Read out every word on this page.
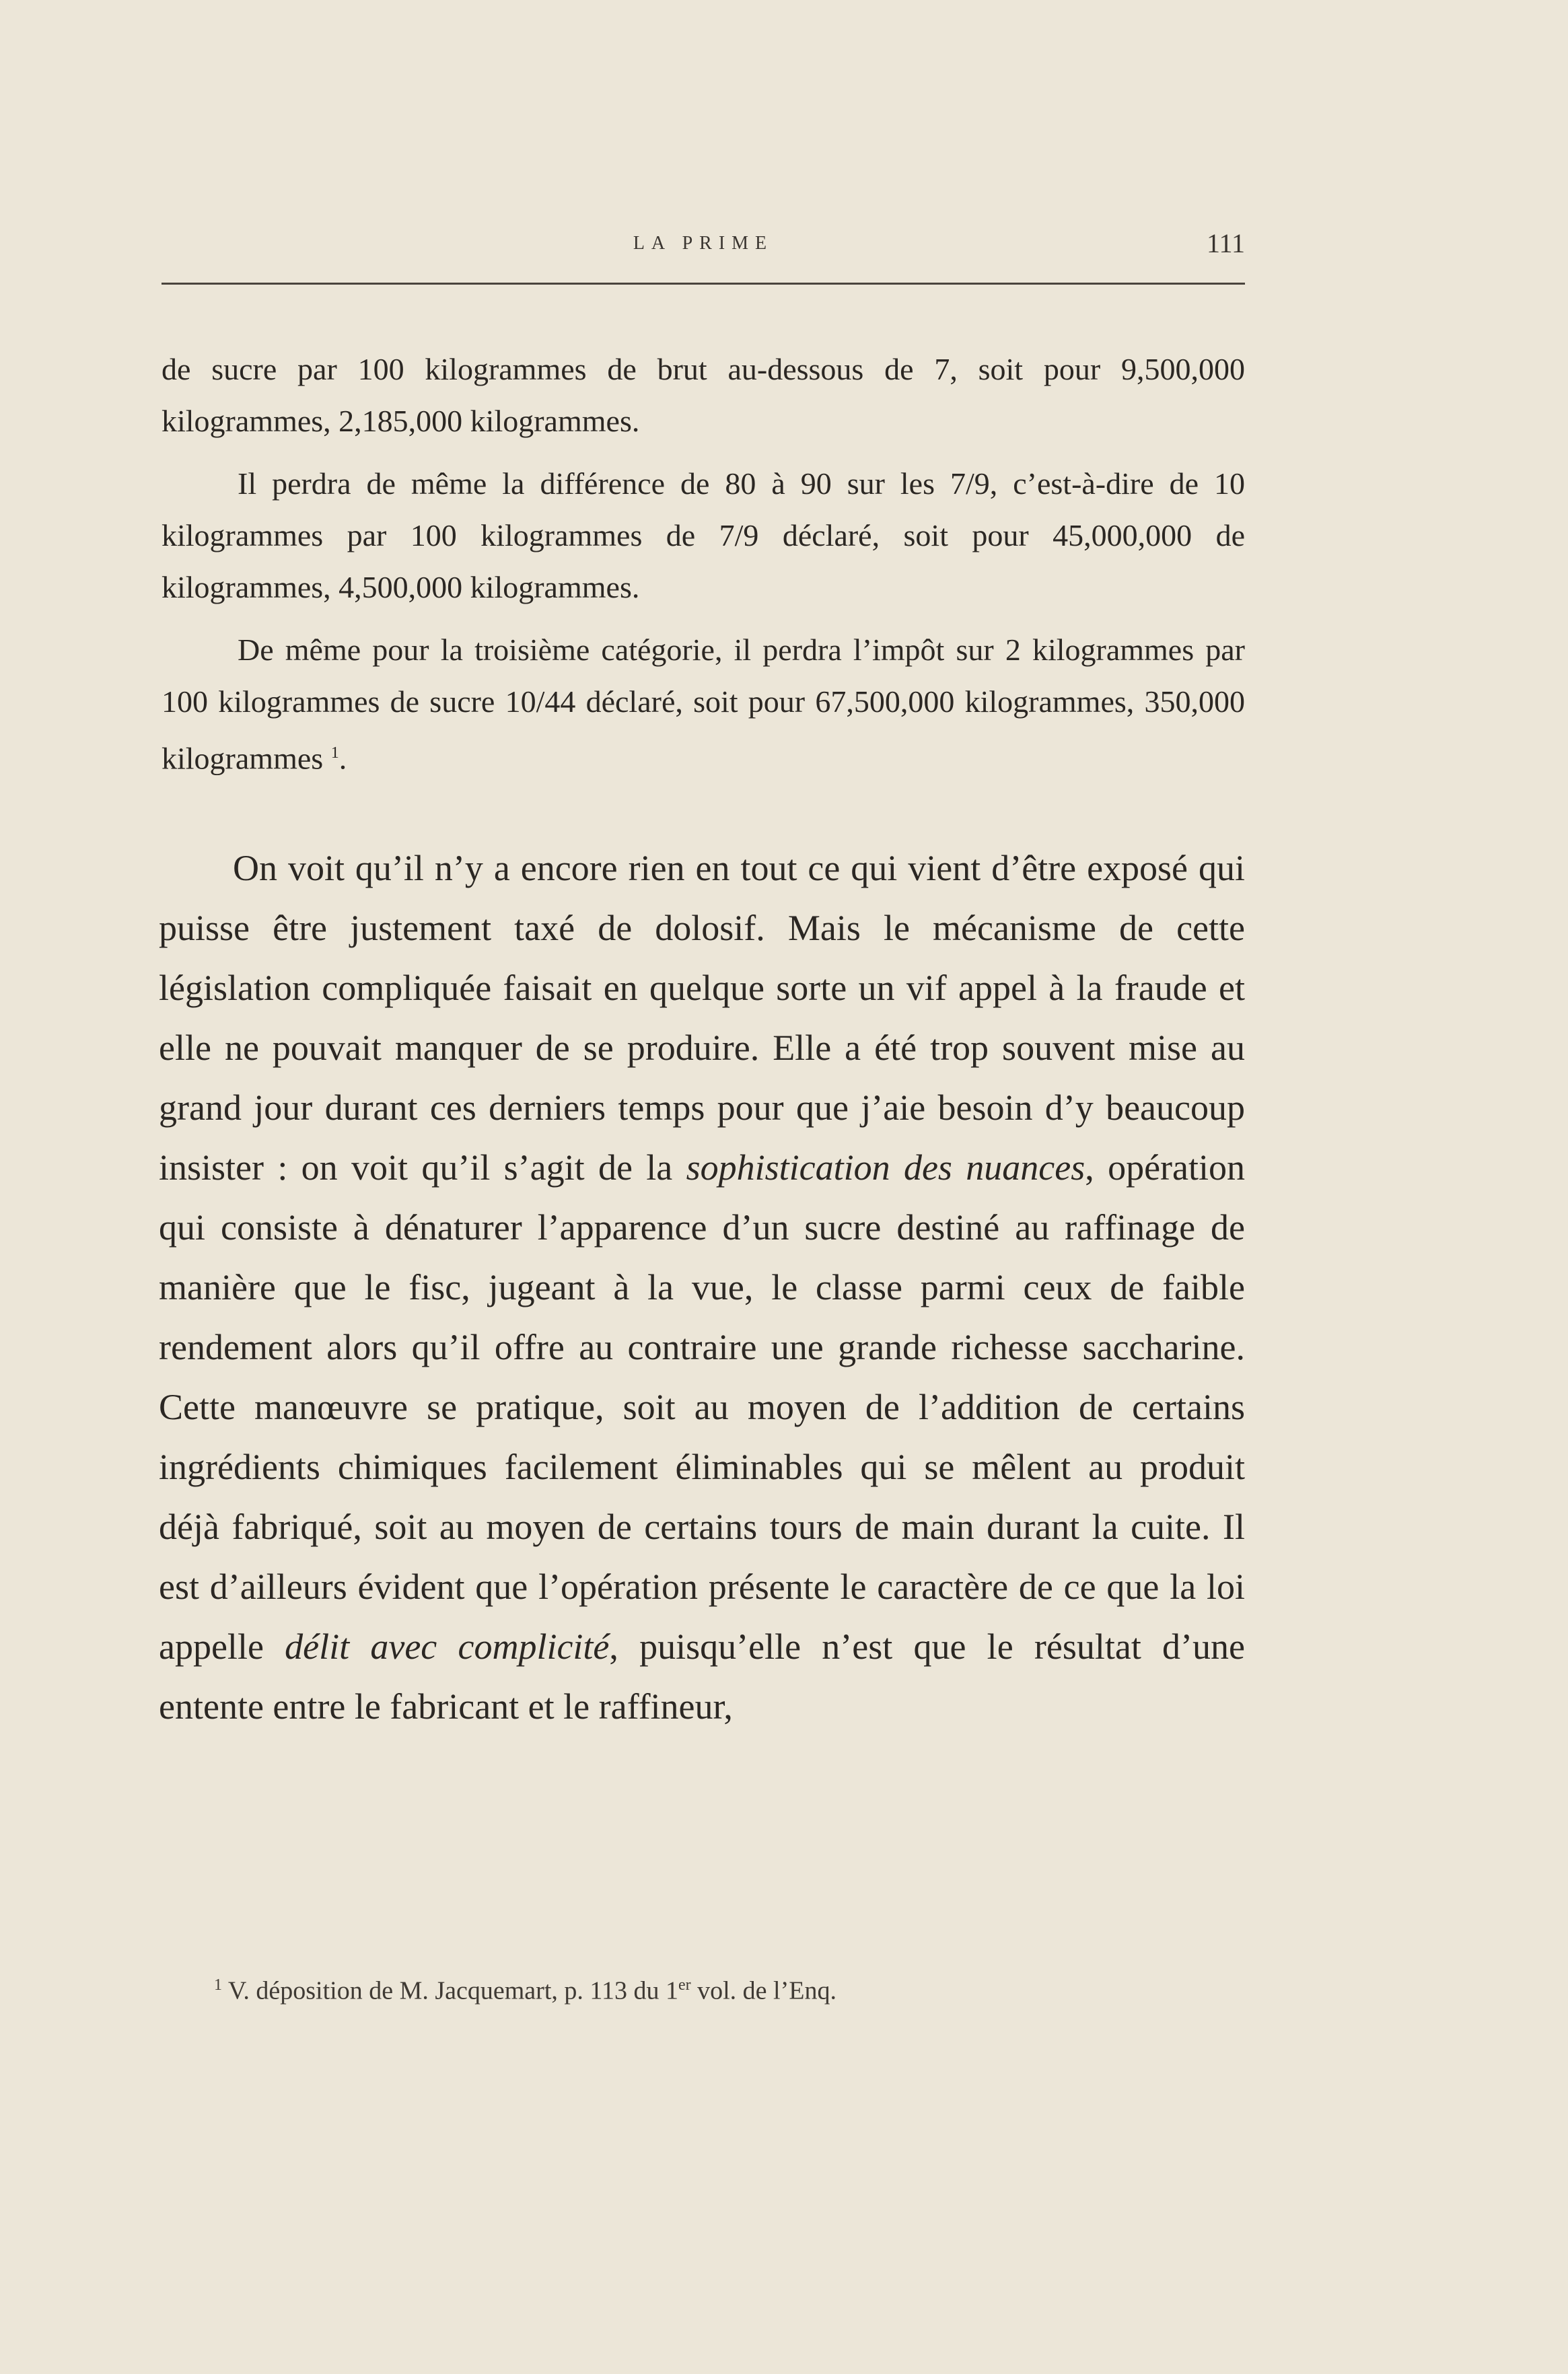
LA PRIME	111

de sucre par 100 kilogrammes de brut au-dessous de 7, soit pour 9,500,000 kilogrammes, 2,185,000 kilogrammes.

Il perdra de même la différence de 80 à 90 sur les 7/9, c’est-à-dire de 10 kilogrammes par 100 kilogrammes de 7/9 déclaré, soit pour 45,000,000 de kilogrammes, 4,500,000 kilogrammes.

De même pour la troisième catégorie, il perdra l’impôt sur 2 kilogrammes par 100 kilogrammes de sucre 10/44 déclaré, soit pour 67,500,000 kilogrammes, 350,000 kilogrammes $^1$.

On voit qu’il n’y a encore rien en tout ce qui vient d’être exposé qui puisse être justement taxé de dolosif. Mais le mécanisme de cette législation compliquée faisait en quelque sorte un vif appel à la fraude et elle ne pouvait manquer de se produire. Elle a été trop souvent mise au grand jour durant ces derniers temps pour que j’aie besoin d’y beaucoup insister : on voit qu’il s’agit de la sophistication des nuances, opération qui consiste à dénaturer l’apparence d’un sucre destiné au raffinage de manière que le fisc, jugeant à la vue, le classe parmi ceux de faible rendement alors qu’il offre au contraire une grande richesse saccharine. Cette manœuvre se pratique, soit au moyen de l’addition de certains ingrédients chimiques facilement éliminables qui se mêlent au produit déjà fabriqué, soit au moyen de certains tours de main durant la cuite. Il est d’ailleurs évident que l’opération présente le caractère de ce que la loi appelle délit avec complicité, puisqu’elle n’est que le résultat d’une entente entre le fabricant et le raffineur,

$^1$ V. déposition de M. Jacquemart, p. 113 du 1er vol. de l’Enq.
